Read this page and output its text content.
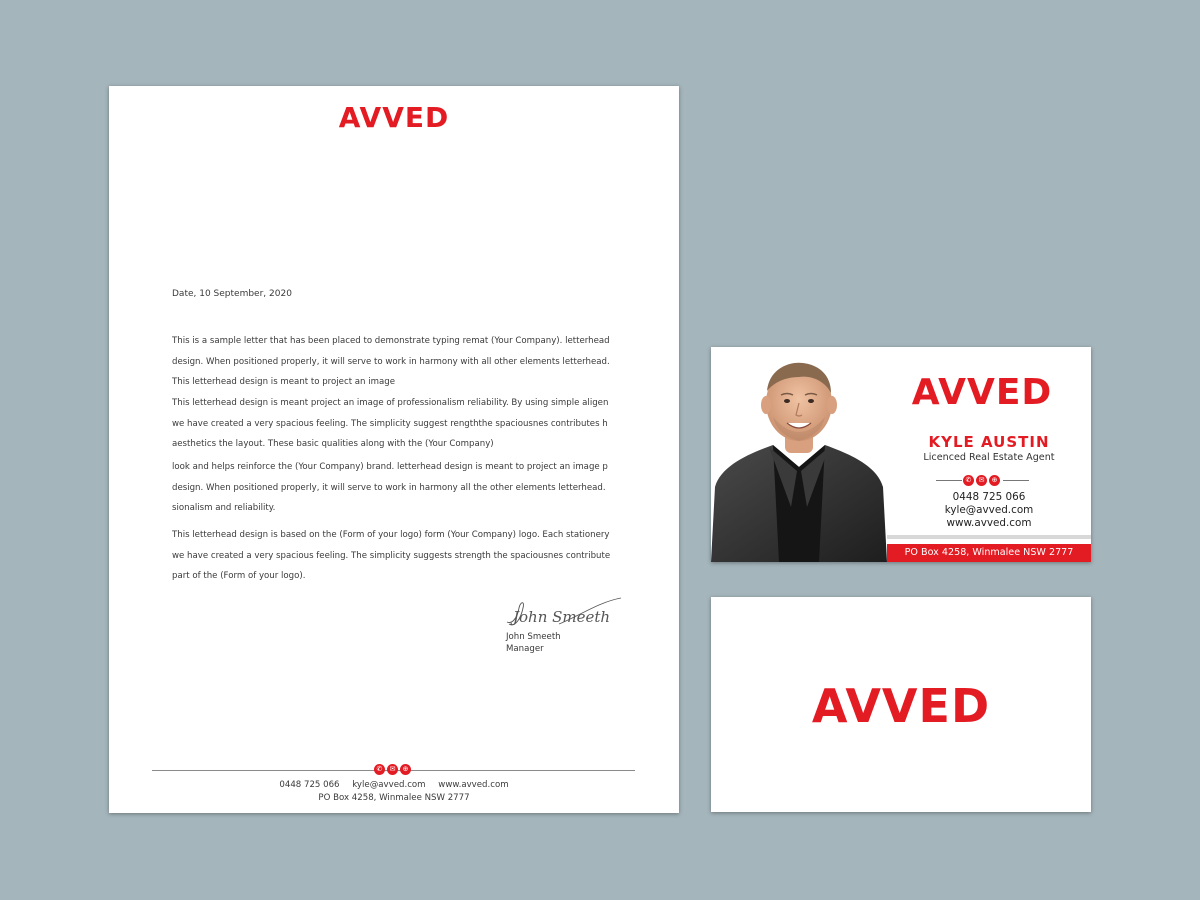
AVVED
Date, 10 September, 2020
This is a sample letter that has been placed to demonstrate typing remat (Your Company). letterhead
design. When positioned properly, it will serve to work in harmony with all other elements letterhead.
This letterhead design is meant to project an image
This letterhead design is meant project an image of professionalism reliability. By using simple aligen
we have created a very spacious feeling. The simplicity suggest rengththe spaciousnes contributes h
aesthetics the layout. These basic qualities along with the (Your Company)
look and helps reinforce the (Your Company) brand. letterhead design is meant to project an image p
design. When positioned properly, it will serve to work in harmony all the other elements letterhead.
sionalism and reliability.
This letterhead design is based on the (Form of your logo) form (Your Company) logo. Each stationery
we have created a very spacious feeling. The simplicity suggests strength the spaciousnes contribute
part of the (Form of your logo).
John Smeeth
John Smeeth
Manager
✆	✉	⊕
0448 725 066 kyle@avved.com www.avved.com
PO Box 4258, Winmalee NSW 2777
AVVED
KYLE AUSTIN
Licenced Real Estate Agent
✆	✉	⊕
0448 725 066
kyle@avved.com
www.avved.com
PO Box 4258, Winmalee NSW 2777
AVVED
